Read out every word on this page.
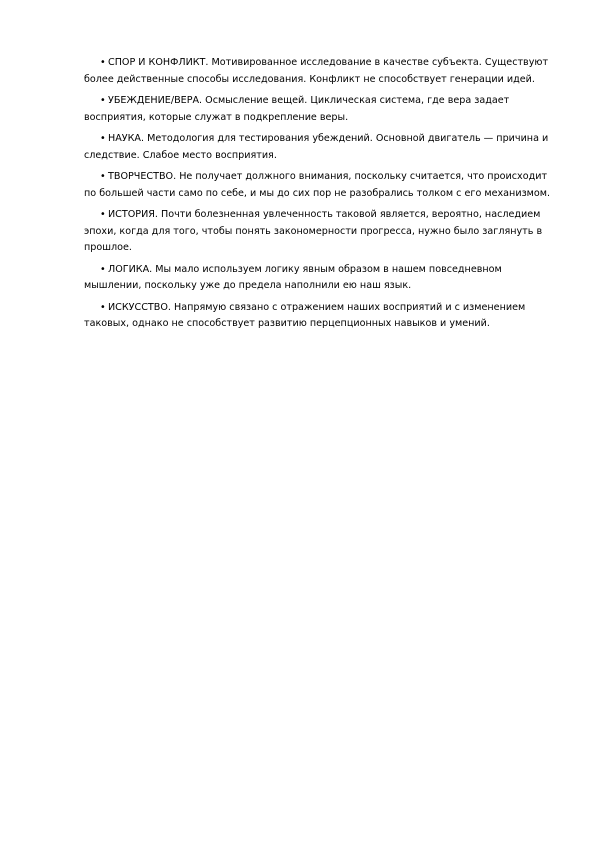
• СПОР И КОНФЛИКТ. Мотивированное исследование в качестве субъекта. Существуют более действенные способы исследования. Конфликт не способствует генерации идей.

• УБЕЖДЕНИЕ/ВЕРА. Осмысление вещей. Циклическая система, где вера задает восприятия, которые служат в подкрепление веры.

• НАУКА. Методология для тестирования убеждений. Основной двигатель — причина и следствие. Слабое место восприятия.

• ТВОРЧЕСТВО. Не получает должного внимания, поскольку считается, что происходит по большей части само по себе, и мы до сих пор не разобрались толком с его механизмом.

• ИСТОРИЯ. Почти болезненная увлеченность таковой является, вероятно, наследием эпохи, когда для того, чтобы понять закономерности прогресса, нужно было заглянуть в прошлое.

• ЛОГИКА. Мы мало используем логику явным образом в нашем повседневном мышлении, поскольку уже до предела наполнили ею наш язык.

• ИСКУССТВО. Напрямую связано с отражением наших восприятий и с изменением таковых, однако не способствует развитию перцепционных навыков и умений.
